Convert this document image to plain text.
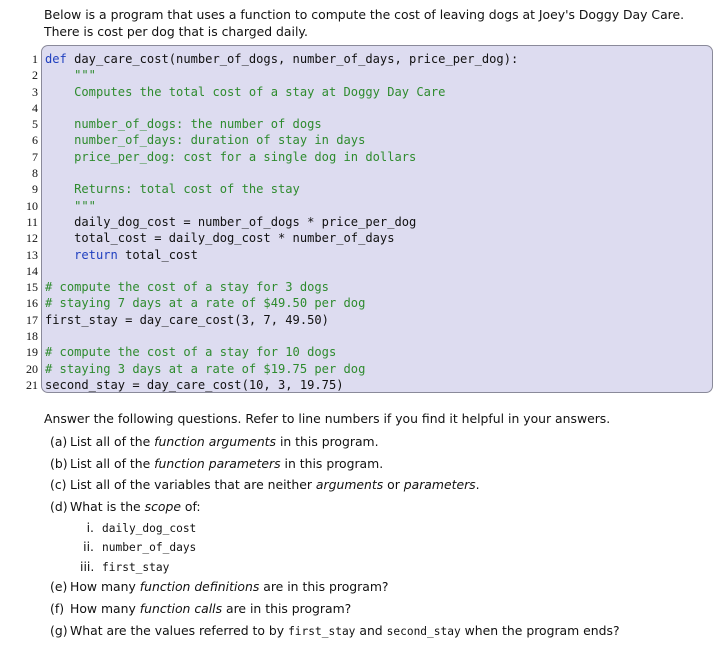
Below is a program that uses a function to compute the cost of leaving dogs at Joey's Doggy Day Care.
There is cost per dog that is charged daily.
1
2
3
4
5
6
7
8
9
10
11
12
13
14
15
16
17
18
19
20
21
def day_care_cost(number_of_dogs, number_of_days, price_per_dog):
"""
Computes the total cost of a stay at Doggy Day Care
number_of_dogs: the number of dogs
number_of_days: duration of stay in days
price_per_dog: cost for a single dog in dollars
Returns: total cost of the stay
"""
daily_dog_cost = number_of_dogs * price_per_dog
total_cost = daily_dog_cost * number_of_days
return total_cost
# compute the cost of a stay for 3 dogs
# staying 7 days at a rate of $49.50 per dog
first_stay = day_care_cost(3, 7, 49.50)
# compute the cost of a stay for 10 dogs
# staying 3 days at a rate of $19.75 per dog
second_stay = day_care_cost(10, 3, 19.75)
Answer the following questions. Refer to line numbers if you find it helpful in your answers.
(a) List all of the function arguments in this program.
(b) List all of the function parameters in this program.
(c) List all of the variables that are neither arguments or parameters.
(d) What is the scope of:
i. daily_dog_cost
ii. number_of_days
iii. first_stay
(e) How many function definitions are in this program?
(f) How many function calls are in this program?
(g) What are the values referred to by first_stay and second_stay when the program ends?
